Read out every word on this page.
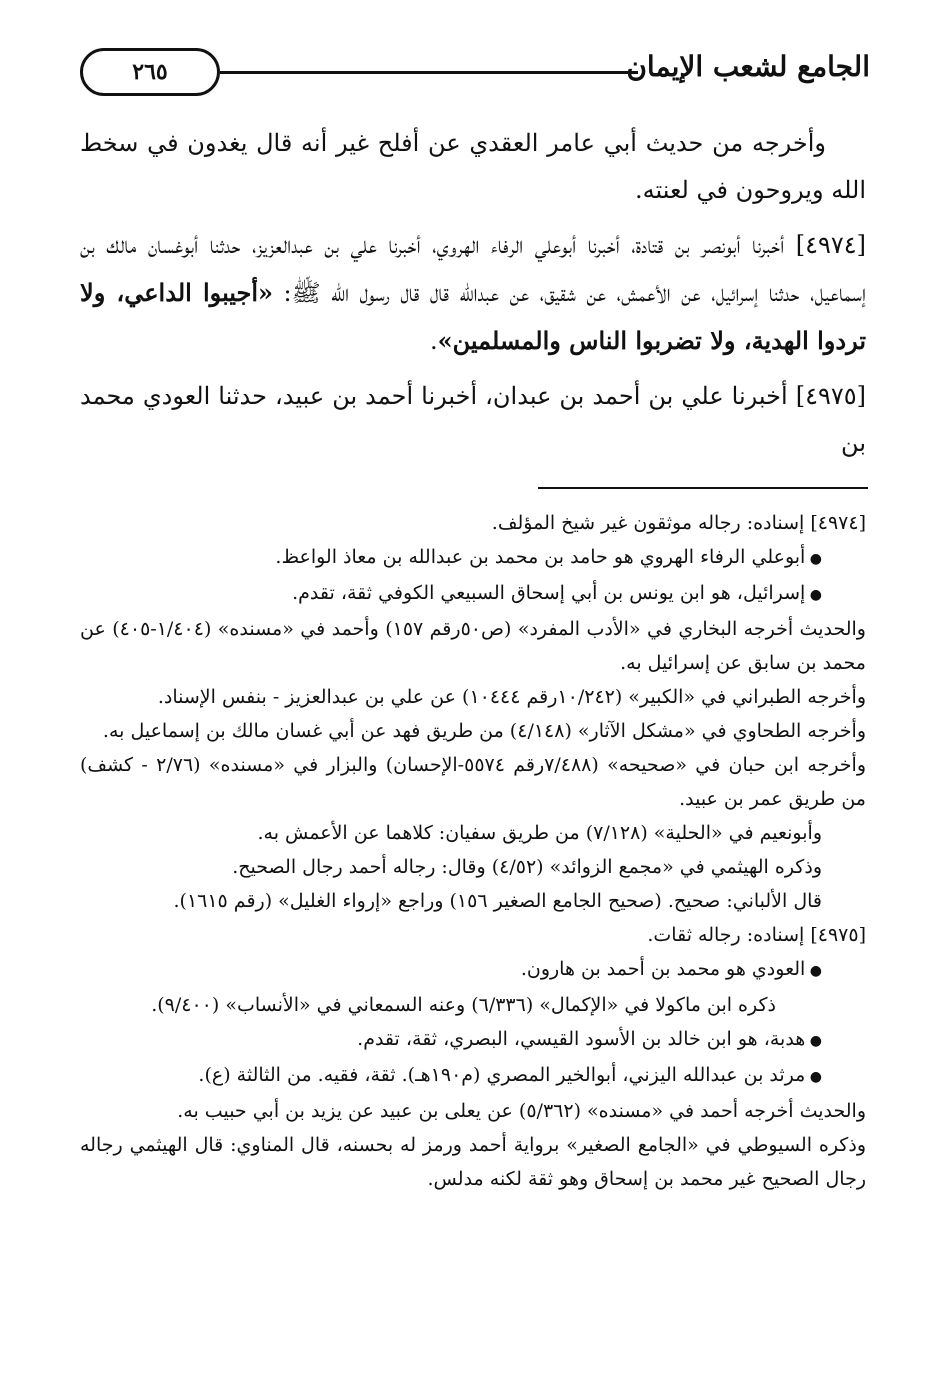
٢٦٥	الجامع لشعب الإيمان

وأخرجه من حديث أبي عامر العقدي عن أفلح غير أنه قال يغدون في سخط الله ويروحون في لعنته.

[٤٩٧٤] أخبرنا أبونصر بن قتادة، أخبرنا أبوعلي الرفاء الهروي، أخبرنا علي بن عبدالعزيز، حدثنا أبوغسان مالك بن إسماعيل، حدثنا إسرائيل، عن الأعمش، عن شقيق، عن عبدالله قال قال رسول الله ﷺ: «أجيبوا الداعي، ولا تردوا الهدية، ولا تضربوا الناس والمسلمين».

[٤٩٧٥] أخبرنا علي بن أحمد بن عبدان، أخبرنا أحمد بن عبيد، حدثنا العودي محمد بن

[٤٩٧٤] إسناده: رجاله موثقون غير شيخ المؤلف.

● أبوعلي الرفاء الهروي هو حامد بن محمد بن عبدالله بن معاذ الواعظ.

● إسرائيل، هو ابن يونس بن أبي إسحاق السبيعي الكوفي ثقة، تقدم.

والحديث أخرجه البخاري في «الأدب المفرد» (ص٥٠رقم ١٥٧) وأحمد في «مسنده» (١/٤٠٤-٤٠٥) عن محمد بن سابق عن إسرائيل به.

وأخرجه الطبراني في «الكبير» (١٠/٢٤٢رقم ١٠٤٤٤) عن علي بن عبدالعزيز - بنفس الإسناد.

وأخرجه الطحاوي في «مشكل الآثار» (٤/١٤٨) من طريق فهد عن أبي غسان مالك بن إسماعيل به.

وأخرجه ابن حبان في «صحيحه» (٧/٤٨٨رقم ٥٥٧٤-الإحسان) والبزار في «مسنده» (٢/٧٦ - كشف) من طريق عمر بن عبيد.

وأبونعيم في «الحلية» (٧/١٢٨) من طريق سفيان: كلاهما عن الأعمش به.

وذكره الهيثمي في «مجمع الزوائد» (٤/٥٢) وقال: رجاله أحمد رجال الصحيح.

قال الألباني: صحيح. (صحيح الجامع الصغير ١٥٦) وراجع «إرواء الغليل» (رقم ١٦١٥).

[٤٩٧٥] إسناده: رجاله ثقات.

● العودي هو محمد بن أحمد بن هارون.

ذكره ابن ماكولا في «الإكمال» (٦/٣٣٦) وعنه السمعاني في «الأنساب» (٩/٤٠٠).

● هدبة، هو ابن خالد بن الأسود القيسي، البصري، ثقة، تقدم.

● مرثد بن عبدالله اليزني، أبوالخير المصري (م١٩٠هـ). ثقة، فقيه. من الثالثة (ع).

والحديث أخرجه أحمد في «مسنده» (٥/٣٦٢) عن يعلى بن عبيد عن يزيد بن أبي حبيب به.

وذكره السيوطي في «الجامع الصغير» برواية أحمد ورمز له بحسنه، قال المناوي: قال الهيثمي رجاله رجال الصحيح غير محمد بن إسحاق وهو ثقة لكنه مدلس.
